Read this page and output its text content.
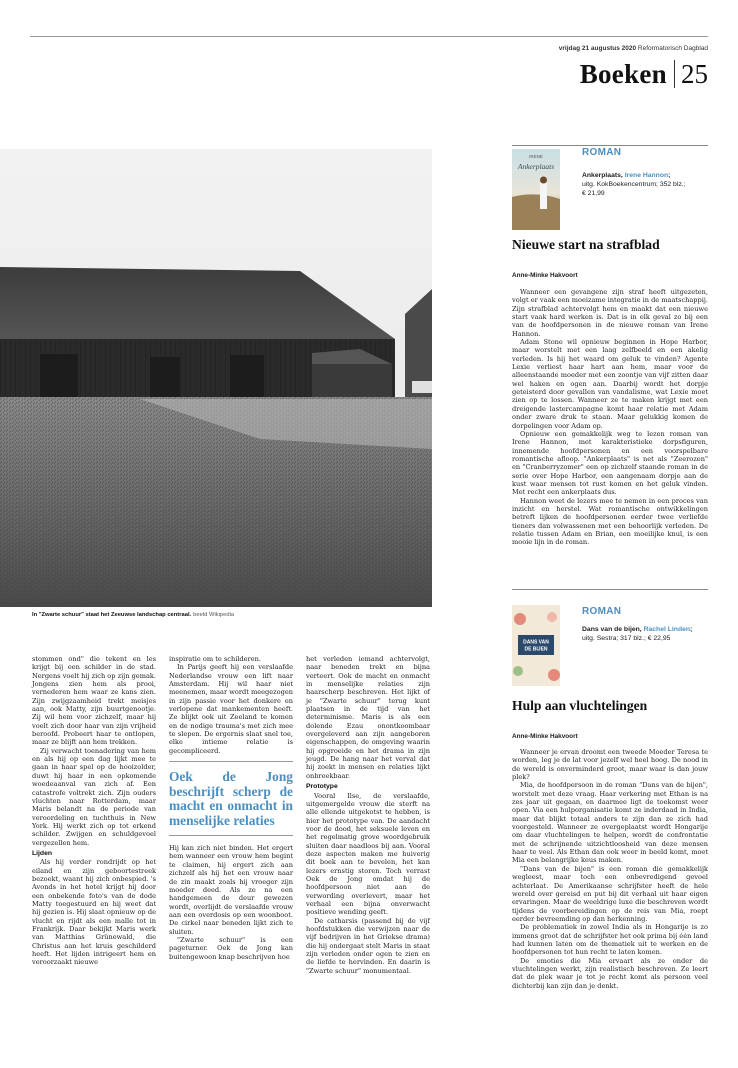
vrijdag 21 augustus 2020 Reformatorisch Dagblad
Boeken 25
In "Zwarte schuur" staat het Zeeuwse landschap centraal. beeld Wikipedia

stommen ond" die tekent en les krijgt bij een schilder in de stad. Nergens voelt hij zich op zijn gemak. Jongens zien hem als prooi, vernederen hem waar ze kans zien. Zijn zwijgzaamheid trekt meisjes aan, ook Matty, zijn buurtgenootje. Zij wil hem voor zichzelf, maar hij voelt zich door haar van zijn vrijheid beroofd. Probeert haar te ontlopen, maar ze blijft aan hem trekken.

Zij verwacht toenadering van hem en als hij op een dag lijkt mee te gaan in haar spel op de hooizolder, duwt hij haar in een opkomende woedeaanval van zich af. Een catastrofe voltrekt zich. Zijn ouders vluchten naar Rotterdam, maar Maris belandt na de periode van veroordeling en tuchthuis in New York. Hij werkt zich op tot erkend schilder. Zwijgen en schuldgevoel vergezellen hem.

Lijden

Als hij verder rondrijdt op het eiland en zijn geboortestreek bezoekt, waant hij zich onbespied. 's Avonds in het hotel krijgt hij door een onbekende foto's van de dode Matty toegestuurd en hij weet dat hij gezien is. Hij slaat opnieuw op de vlucht en rijdt als een malle tot in Frankrijk. Daar bekijkt Maris werk van Matthias Grünewald, die Christus aan het kruis geschilderd heeft. Het lijden intrigeert hem en veroorzaakt nieuwe

inspiratie om te schilderen.

In Parijs geeft hij een verslaafde Nederlandse vrouw een lift naar Amsterdam. Hij wil haar niet meenemen, maar wordt meegezogen in zijn passie voor het donkere en verlopene dat mankementen heeft. Ze blijkt ook uit Zeeland te komen en de nodige trauma's met zich mee te slepen. De ergernis slaat snel toe, elke intieme relatie is gecompliceerd.

Oek de Jong beschrijft scherp de macht en onmacht in menselijke relaties

Hij kan zich niet binden. Het ergert hem wanneer een vrouw hem begint te claimen, hij ergert zich aan zichzelf als hij het een vrouw naar de zin maakt zoals hij vroeger zijn moeder deed. Als ze na een handgemeen de deur gewezen wordt, overlijdt de verslaafde vrouw aan een overdosis op een woonboot. De cirkel naar beneden lijkt zich te sluiten.

"Zwarte schuur" is een pageturner. Oek de Jong kan buitengewoon knap beschrijven hoe

het verleden iemand achtervolgt, naar beneden trekt en bijna verteert. Ook de macht en onmacht in menselijke relaties zijn haarscherp beschreven. Het lijkt of je "Zwarte schuur" terug kunt plaatsen in de tijd van het determinisme. Maris is als een dolende Ezau onontkoombaar overgeleverd aan zijn aangeboren eigenschappen, de omgeving waarin hij opgroeide en het drama in zijn jeugd. De hang naar het verval dat hij zoekt in mensen en relaties lijkt onbreekbaar.

Prototype

Vooral Ilse, de verslaafde, uitgemergelde vrouw die sterft na alle ellende uitgekotst te hebben, is hier het prototype van. De aandacht voor de dood, het seksuele leven en het regelmatig grove woordgebruik sluiten daar naadloos bij aan. Vooral deze aspecten maken me huiverig dit boek aan te bevelen, het kan lezers ernstig storen. Toch verrast Oek de Jong omdat hij de hoofdpersoon niet aan de verwording overlevert, maar het verhaal een bijna onverwacht positieve wending geeft.

De catharsis (passend bij de vijf hoofdstukken die verwijzen naar de vijf bedrijven in het Griekse drama) die hij ondergaat stelt Maris in staat zijn verleden onder ogen te zien en de liefde te hervinden. En daarin is "Zwarte schuur" monumentaal.

IRENE
Ankerplaats
ROMAN
Ankerplaats, Irene Hannon;
uitg. KokBoekencentrum; 352 blz.;
€ 21,99
Nieuwe start na strafblad
Anne-Minke Hakvoort

Wanneer een gevangene zijn straf heeft uitgezeten, volgt er vaak een moeizame integratie in de maatschappij. Zijn strafblad achtervolgt hem en maakt dat een nieuwe start vaak hard werken is. Dat is in elk geval zo bij een van de hoofdpersonen in de nieuwe roman van Irene Hannon.

Adam Stone wil opnieuw beginnen in Hope Harbor, maar worstelt met een laag zelfbeeld en een akelig verleden. Is hij het waard om geluk te vinden? Agente Lexie verliest haar hart aan hem, maar voor de alleenstaande moeder met een zoontje van vijf zitten daar wel haken en ogen aan. Daarbij wordt het dorpje geteisterd door gevallen van vandalisme, wat Lexie moet zien op te lossen. Wanneer ze te maken krijgt met een dreigende lastercampagne komt haar relatie met Adam onder zware druk te staan. Maar gelukkig komen de dorpelingen voor Adam op.

Opnieuw een gemakkelijk weg te lezen roman van Irene Hannon, met karakteristieke dorpsfiguren, innemende hoofdpersonen en een voorspelbare romantische afloop. "Ankerplaats" is net als "Zeerozen" en "Cranberryzomer" een op zichzelf staande roman in de serie over Hope Harbor, een aangenaam dorpje aan de kust waar mensen tot rust komen en het geluk vinden. Met recht een ankerplaats dus.

Hannon weet de lezers mee te nemen in een proces van inzicht en herstel. Wat romantische ontwikkelingen betreft lijken de hoofdpersonen eerder twee verliefde tieners dan volwassenen met een behoorlijk verleden. De relatie tussen Adam en Brian, een moeilijke knul, is een mooie lijn in de roman.

DANS VAN
DE BIJEN
ROMAN
Dans van de bijen, Rachel Linden;
uitg. Sestra; 317 blz.; € 22,95
Hulp aan vluchtelingen
Anne-Minke Hakvoort

Wanneer je ervan droomt een tweede Moeder Teresa te worden, leg je de lat voor jezelf wel heel hoog. De nood in de wereld is onverminderd groot, maar waar is dan jouw plek?

Mia, de hoofdpersoon in de roman "Dans van de bijen", worstelt met deze vraag. Haar verkering met Ethan is na zes jaar uit gegaan, en daarmee ligt de toekomst weer open. Via een hulporganisatie komt ze inderdaad in India, maar dat blijkt totaal anders te zijn dan ze zich had voorgesteld. Wanneer ze overgeplaatst wordt Hongarije om daar vluchtelingen te helpen, wordt de confrontatie met de schrijnende uitzichtloosheid van deze mensen haar te veel. Als Ethan dan ook weer in beeld komt, moet Mia een belangrijke keus maken.

"Dans van de bijen" is een roman die gemakkelijk wegleest, maar toch een onbevredigend gevoel achterlaat. De Amerikaanse schrijfster heeft de hele wereld over gereisd en put bij dit verhaal uit haar eigen ervaringen. Maar de weeldrige luxe die beschreven wordt tijdens de voorbereidingen op de reis van Mia, roept eerder bevreemding op dan herkenning.

De problematiek in zowel India als in Hongarije is zo immens groot dat de schrijfster het ook prima bij één land had kunnen laten om de thematiek uit te werken en de hoofdpersonen tot hun recht te laten komen.

De emoties die Mia ervaart als ze onder de vluchtelingen werkt, zijn realistisch beschreven. Ze leert dat de plek waar je tot je recht komt als persoon veel dichterbij kan zijn dan je denkt.
